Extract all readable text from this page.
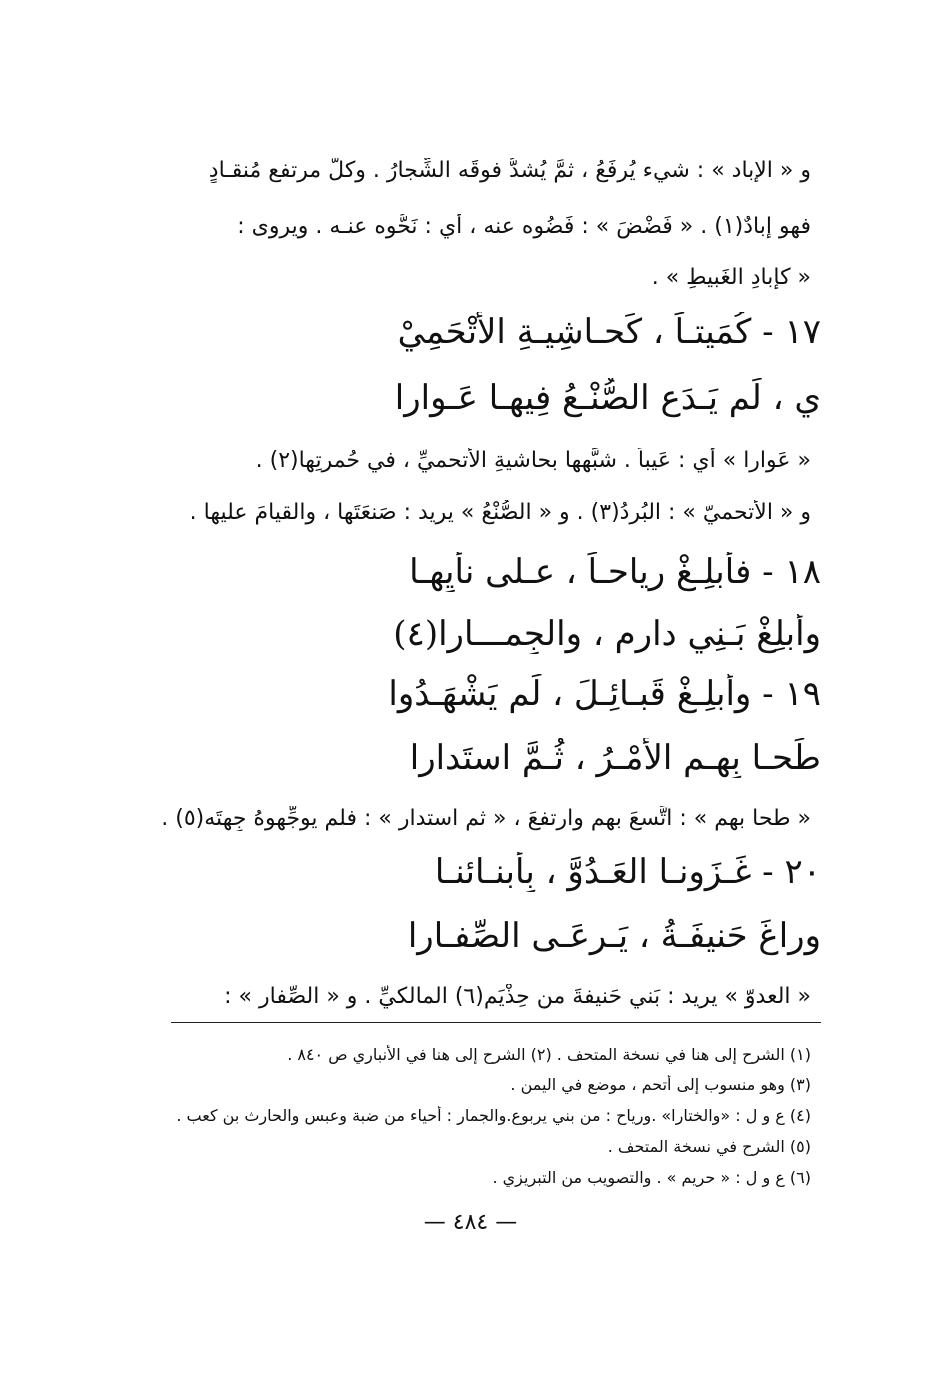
و « الإِباد » : شيء يُرفَعُ ، ثمَّ يُشدُّ فوقَه الشِّجارُ . وكلُّ مرتفعٍ مُنقـادٍ
فهو إِبادٌ(١) . « فَضْضَ » : فَضُوه عنه ، أي : نَحُّوه عنـه . ويروى :
« كإِبادِ الغَبيطِ » .
١٧ - كُمَيتـاً ، كَحـاشِيـةِ الأَتْحَمِيْ
يِ ، لَم يَـدَعِ الصُّنْـعُ فِيهـا عَـوارا
« عَوارا » أي : عَيباً . شبَّهها بحاشيةِ الأَتحميِّ ، في حُمرتِها(٢) .
و « الأَتحميّ » : البُردُ(٣) . و « الصُّنْعُ » يريد : صَنعَتَها ، والقيامَ عليها .
١٨ - فأَبلِـغْ رِياحـاً ، عـلى نأْيِهـا
وأَبلِغْ بَـنِي دارِمٍ ، والجِمـــارا(٤)
١٩ - وأَبلِـغْ قَبـائِـلَ ، لَم يَشْهَـدُوا
طَحـا بِهِـمِ الأَمْـرُ ، ثُـمَّ استَدارا
« طحا بهم » : اتَّسعَ بهم وارتفعَ ، « ثم استدار » : فلم يوجِّهوهُ جِهتَه(٥) .
٢٠ - غَـزَونـا العَـدُوَّ ، بِأَبنـائنـا
وراغَ حَنيفَـةُ ، يَـرعَـى الصِّفـارا
« العدوّ » يريد : بَني حَنيفةَ من حِذْيَمٍ(٦) المالكيِّ . و « الصِّفار » :
(١) الشرح إلى هنا في نسخة المتحف . (٢) الشرح إلى هنا في الأنباري ص ٨٤٠ .
(٣) وهو منسوب إلى أتحم ، موضع في اليمن .
(٤) ع و ل : «والختارا» .ورياح : من بني يربوع.والجمار : أحياء من ضبة وعبس والحارث بن كعب .
(٥) الشرح في نسخة المتحف .
(٦) ع و ل : « حريم » . والتصويب من التبريزي .
— ٤٨٤ —
